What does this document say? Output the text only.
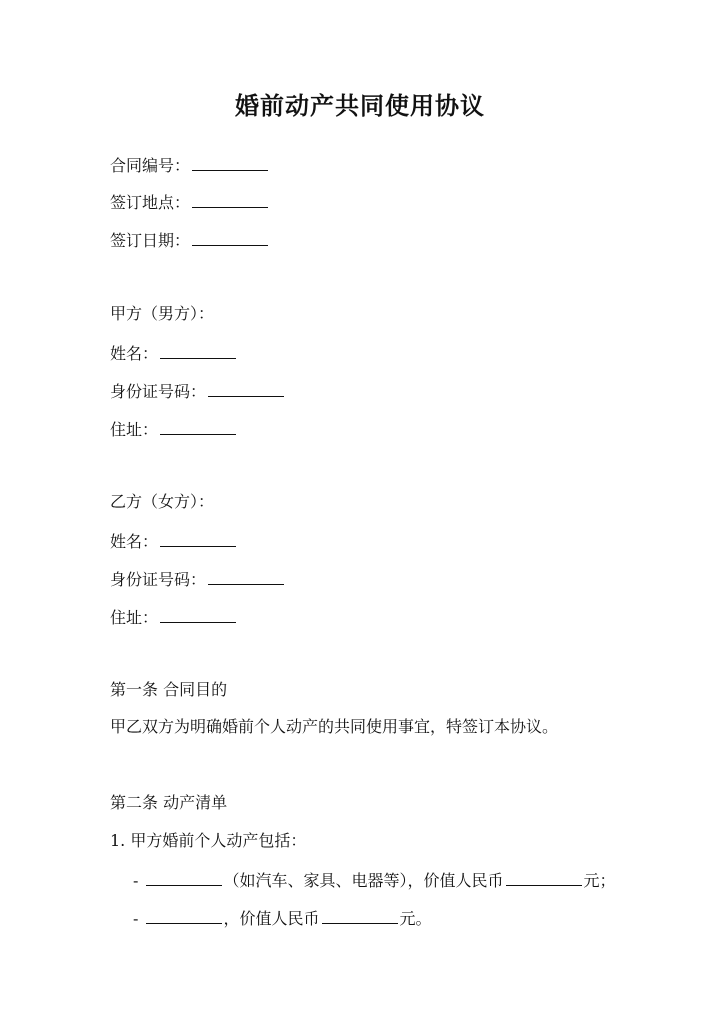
婚前动产共同使用协议
合同编号：
签订地点：
签订日期：
甲方（男方）：
姓名：
身份证号码：
住址：
乙方（女方）：
姓名：
身份证号码：
住址：
第一条 合同目的
甲乙双方为明确婚前个人动产的共同使用事宜，特签订本协议。
第二条 动产清单
1. 甲方婚前个人动产包括：
-	（如汽车、家具、电器等），价值人民币	元；
-	，价值人民币	元。
